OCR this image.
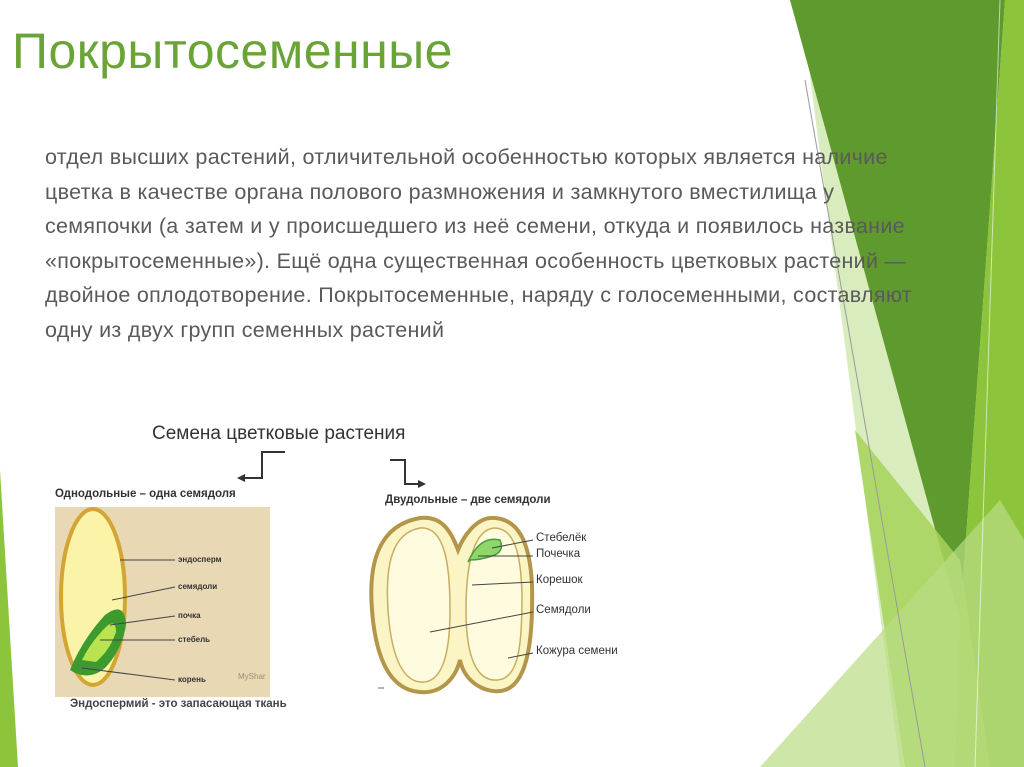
Покрытосеменные

отдел высших растений, отличительной особенностью которых является наличие цветка в качестве органа полового размножения и замкнутого вместилища у семяпочки (а затем и у происшедшего из неё семени, откуда и появилось название «покрытосеменные»). Ещё одна существенная особенность цветковых растений — двойное оплодотворение. Покрытосеменные, наряду с голосеменными, составляют одну из двух групп семенных растений

Семена цветковые растения
Однодольные – одна семядоля
эндосперм
семядоли
почка
стебель
корень	MyShar
Эндоспермий - это запасающая ткань
Двудольные – две семядоли
Стебелёк
Почечка
Корешок
Семядоли
Кожура семени
